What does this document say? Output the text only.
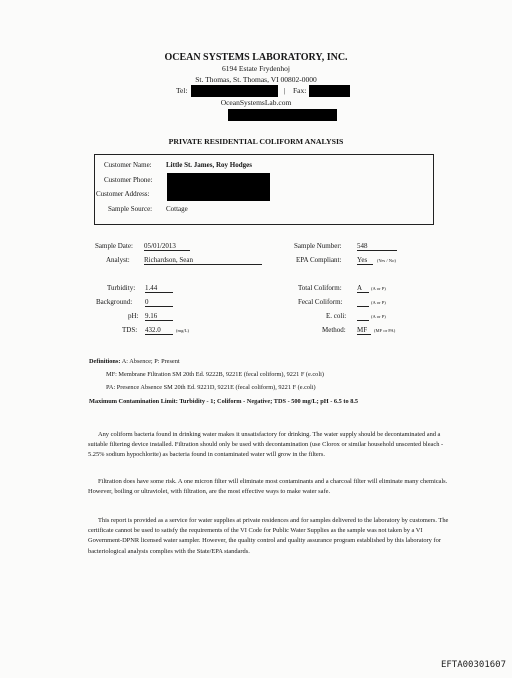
OCEAN SYSTEMS LABORATORY, INC.
6194 Estate Frydenhoj
St. Thomas, St. Thomas, VI 00802-0000
Tel:	| Fax:
OceanSystemsLab.com
PRIVATE RESIDENTIAL COLIFORM ANALYSIS
Customer Name: Little St. James, Roy Hodges
Customer Phone:
Customer Address:
Sample Source: Cottage
Sample Date: 05/01/2013
Analyst: Richardson, Sean
Sample Number: 548
EPA Compliant: Yes	(Yes / No)
Turbidity: 1.44
Background: 0
pH: 9.16
TDS: 432.0	(mg/L)
Total Coliform: A	(A or P)
Fecal Coliform:
	(A or P)
E. coli:
	(A or P)
Method: MF	(MF or PA)
Definitions: A: Absence; P: Present
MF: Membrane Filtration SM 20th Ed. 9222B, 9221E (fecal coliform), 9221 F (e.coli)
PA: Presence Absence SM 20th Ed. 9221D, 9221E (fecal coliform), 9221 F (e.coli)
Maximum Contamination Limit: Turbidity - 1; Coliform - Negative; TDS - 500 mg/L; pH - 6.5 to 8.5

Any coliform bacteria found in drinking water makes it unsatisfactory for drinking. The water supply should be decontaminated and a suitable filtering device installed. Filtration should only be used with decontamination (use Clorox or similar household unscented bleach - 5.25% sodium hypochlorite) as bacteria found in contaminated water will grow in the filters.

Filtration does have some risk. A one micron filter will eliminate most contaminants and a charcoal filter will eliminate many chemicals. However, boiling or ultraviolet, with filtration, are the most effective ways to make water safe.

This report is provided as a service for water supplies at private residences and for samples delivered to the laboratory by customers. The certificate cannot be used to satisfy the requirements of the VI Code for Public Water Supplies as the sample was not taken by a VI Government-DPNR licensed water sampler. However, the quality control and quality assurance program established by this laboratory for bacteriological analysis complies with the State/EPA standards.

EFTA00301607
